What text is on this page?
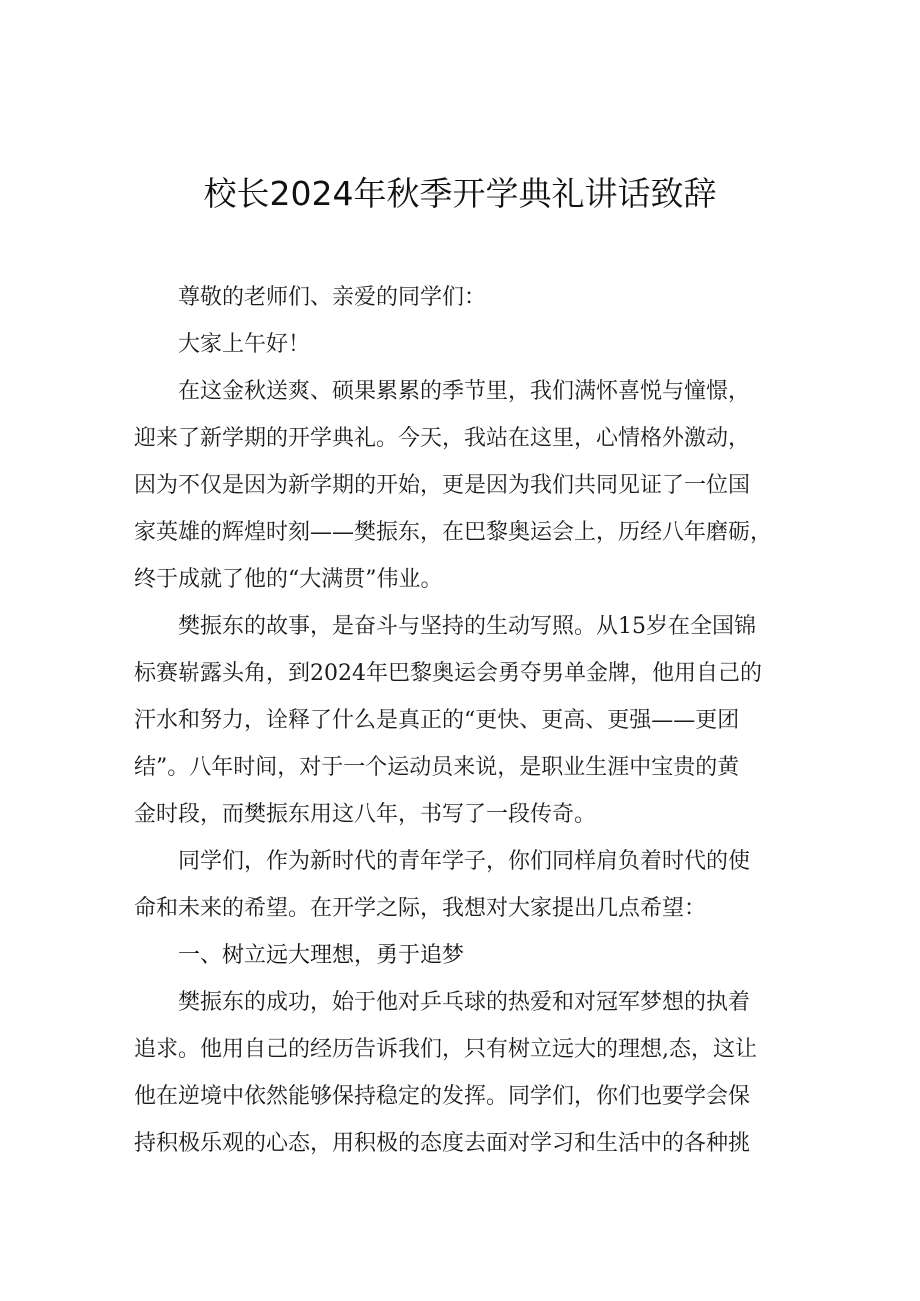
校长2024年秋季开学典礼讲话致辞

尊敬的老师们、亲爱的同学们：

大家上午好！

在这金秋送爽、硕果累累的季节里，我们满怀喜悦与憧憬，
迎来了新学期的开学典礼。今天，我站在这里，心情格外激动，
因为不仅是因为新学期的开始，更是因为我们共同见证了一位国
家英雄的辉煌时刻——樊振东，在巴黎奥运会上，历经八年磨砺，
终于成就了他的“大满贯”伟业。

樊振东的故事，是奋斗与坚持的生动写照。从15岁在全国锦
标赛崭露头角，到2024年巴黎奥运会勇夺男单金牌，他用自己的
汗水和努力，诠释了什么是真正的“更快、更高、更强——更团
结”。八年时间，对于一个运动员来说，是职业生涯中宝贵的黄
金时段，而樊振东用这八年，书写了一段传奇。

同学们，作为新时代的青年学子，你们同样肩负着时代的使
命和未来的希望。在开学之际，我想对大家提出几点希望：

一、树立远大理想，勇于追梦

樊振东的成功，始于他对乒乓球的热爱和对冠军梦想的执着
追求。他用自己的经历告诉我们，只有树立远大的理想,态，这让
他在逆境中依然能够保持稳定的发挥。同学们，你们也要学会保
持积极乐观的心态，用积极的态度去面对学习和生活中的各种挑
